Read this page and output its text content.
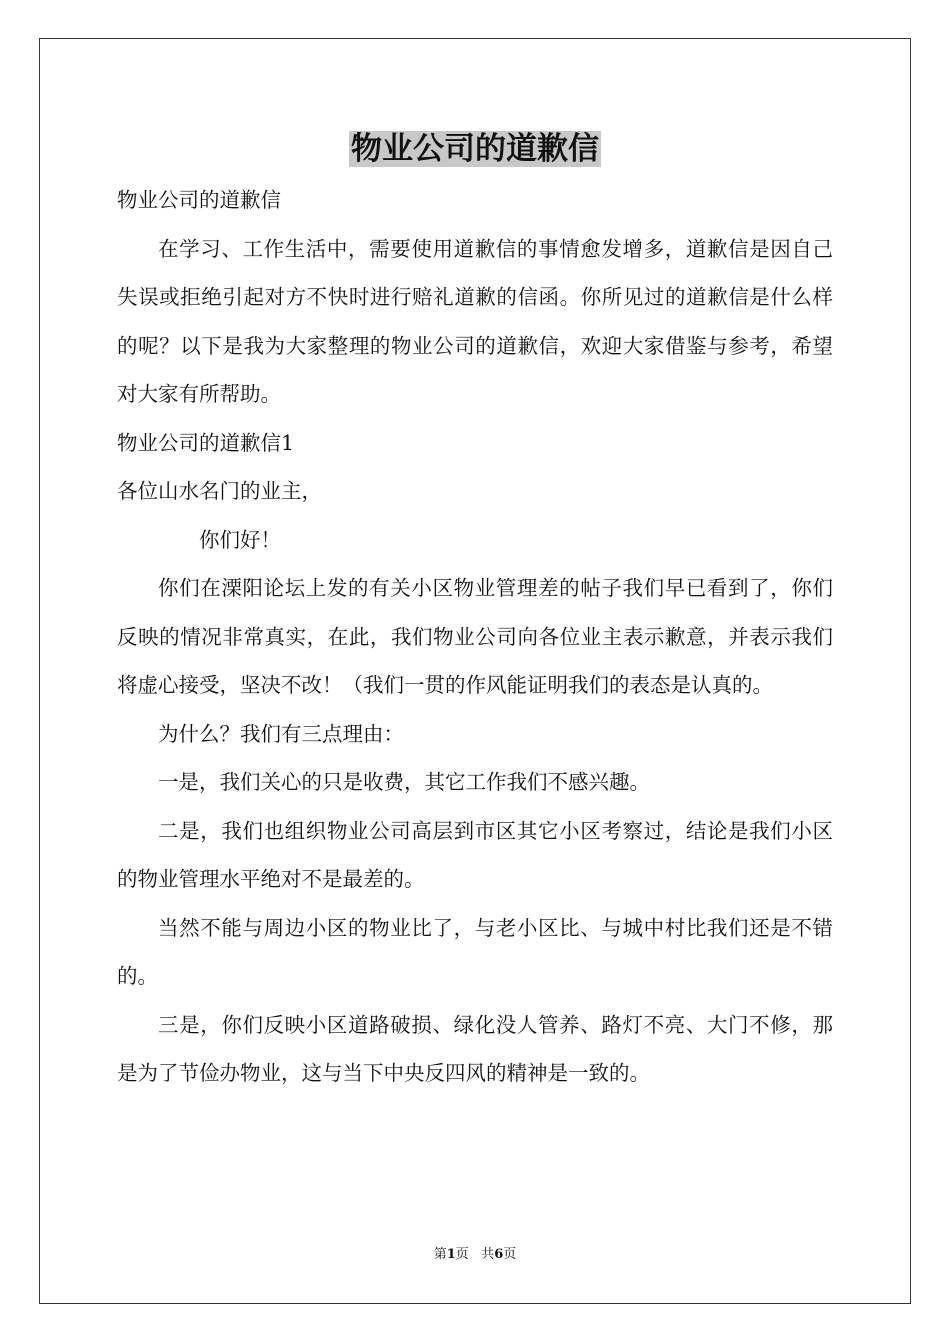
物业公司的道歉信

物业公司的道歉信

在学习、工作生活中，需要使用道歉信的事情愈发增多，道歉信是因自己失误或拒绝引起对方不快时进行赔礼道歉的信函。你所见过的道歉信是什么样的呢？以下是我为大家整理的物业公司的道歉信，欢迎大家借鉴与参考，希望对大家有所帮助。

物业公司的道歉信1

各位山水名门的业主，

你们好！

你们在溧阳论坛上发的有关小区物业管理差的帖子我们早已看到了，你们反映的情况非常真实，在此，我们物业公司向各位业主表示歉意，并表示我们将虚心接受，坚决不改！（我们一贯的作风能证明我们的表态是认真的。

为什么？我们有三点理由：

一是，我们关心的只是收费，其它工作我们不感兴趣。

二是，我们也组织物业公司高层到市区其它小区考察过，结论是我们小区的物业管理水平绝对不是最差的。

当然不能与周边小区的物业比了，与老小区比、与城中村比我们还是不错的。

三是，你们反映小区道路破损、绿化没人管养、路灯不亮、大门不修，那是为了节俭办物业，这与当下中央反四风的精神是一致的。

第1页 共6页
